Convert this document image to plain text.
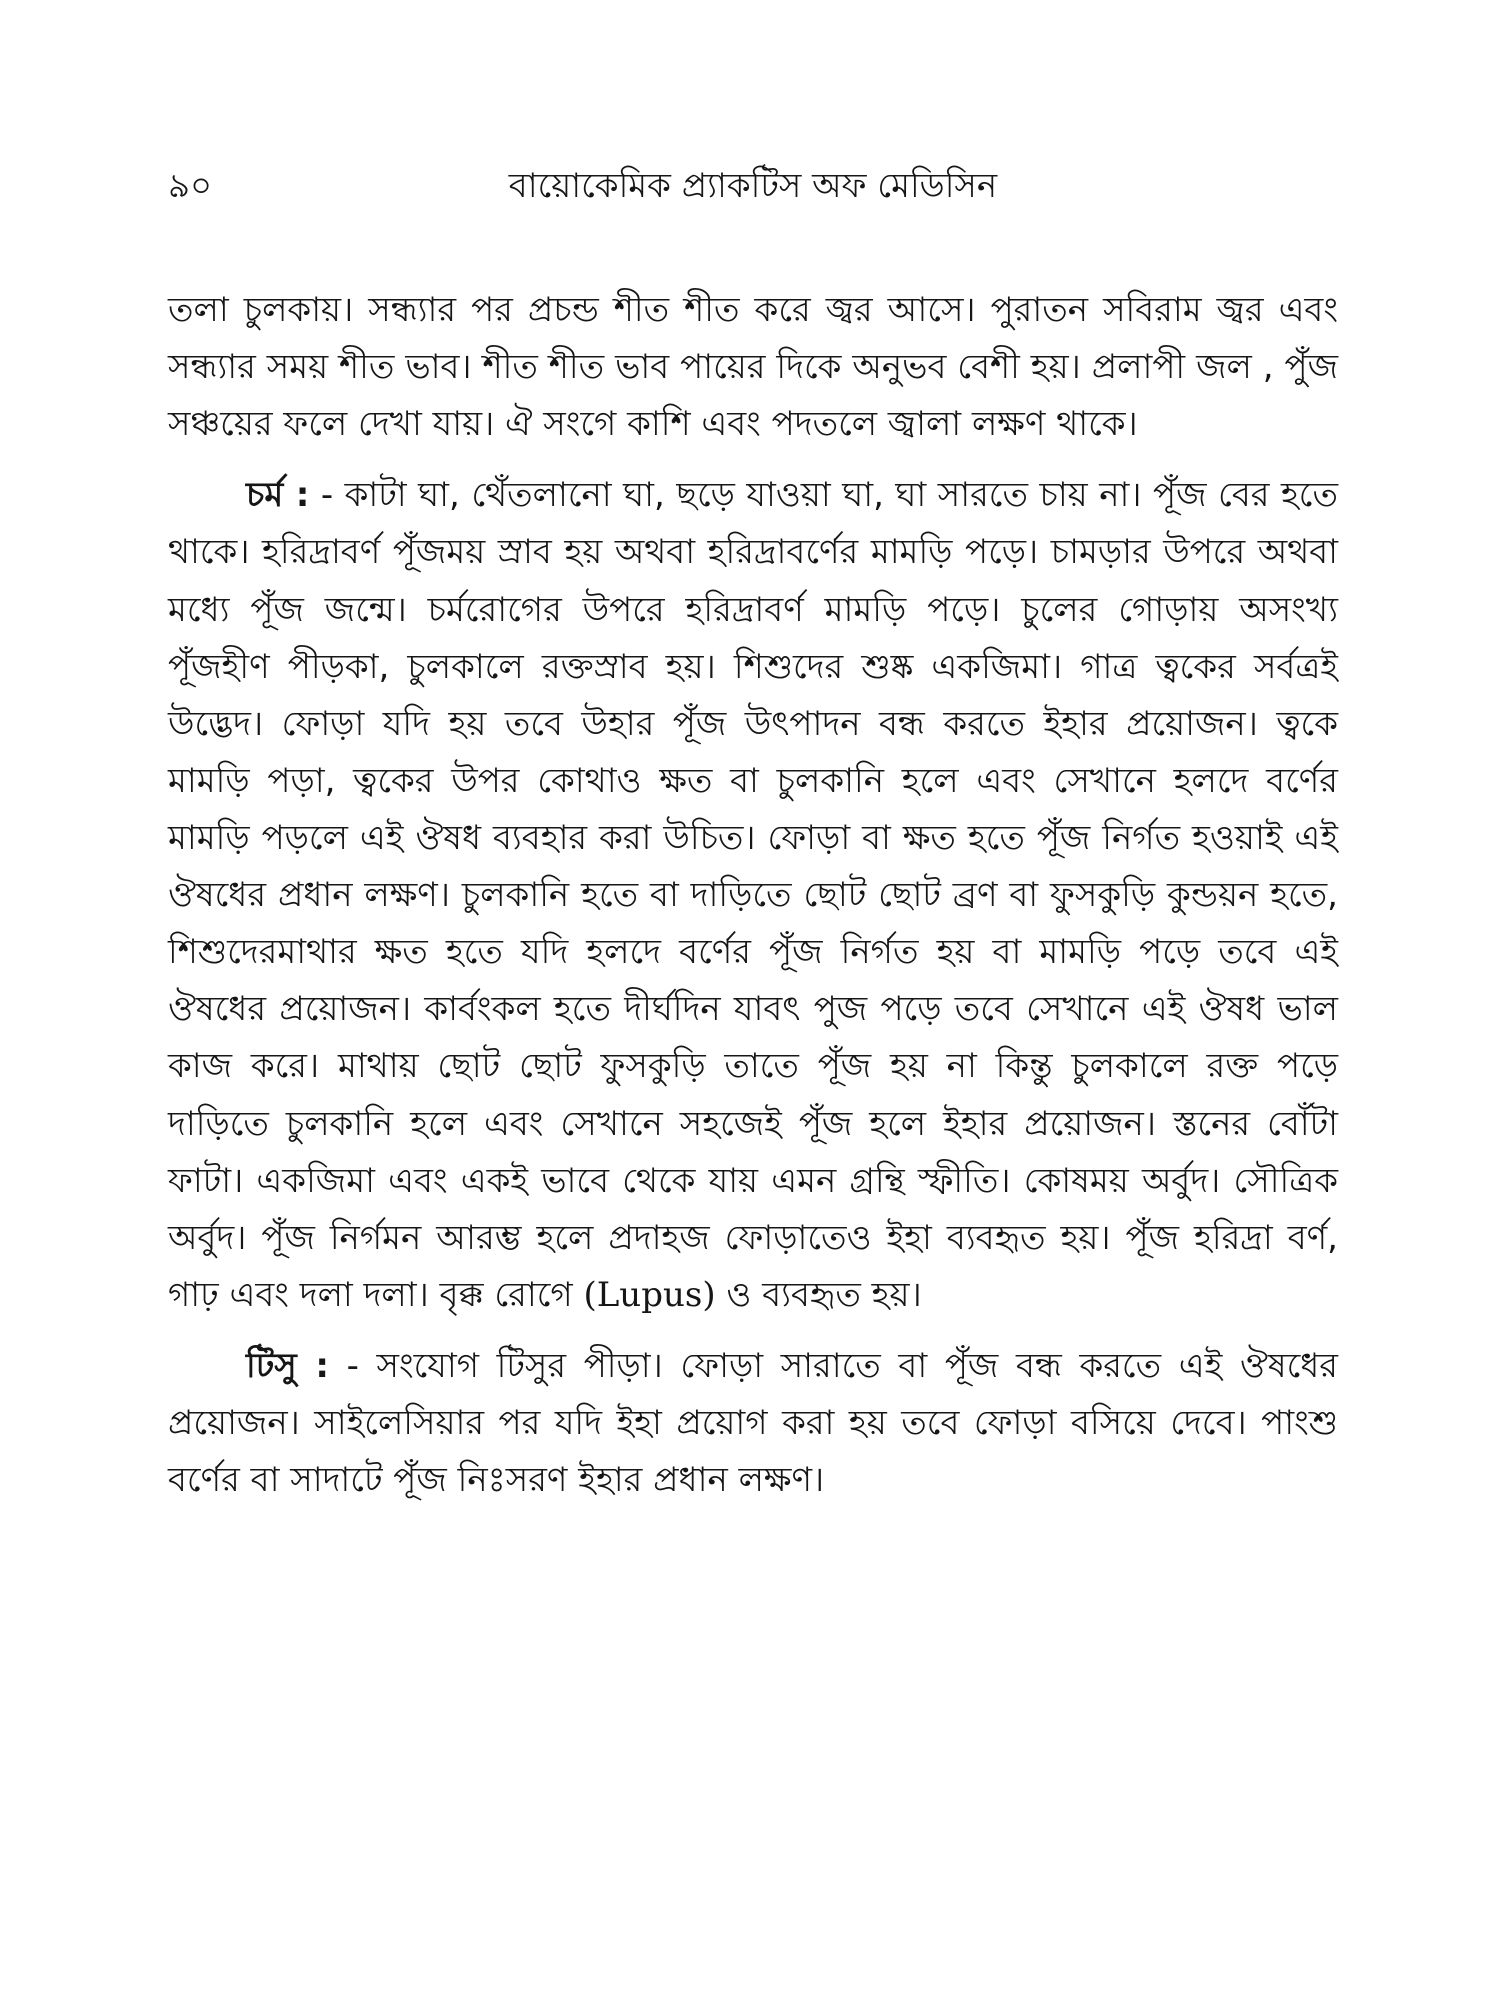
৯০	বায়োকেমিক প্র্যাকটিস অফ মেডিসিন

তলা চুলকায়। সন্ধ্যার পর প্রচন্ড শীত শীত করে জ্বর আসে। পুরাতন সবিরাম জ্বর এবং সন্ধ্যার সময় শীত ভাব। শীত শীত ভাব পায়ের দিকে অনুভব বেশী হয়। প্রলাপী জল , পুঁজ সঞ্চয়ের ফলে দেখা যায়। ঐ সংগে কাশি এবং পদতলে জ্বালা লক্ষণ থাকে।

চর্ম : - কাটা ঘা, থেঁতলানো ঘা, ছড়ে যাওয়া ঘা, ঘা সারতে চায় না। পূঁজ বের হতে থাকে। হরিদ্রাবর্ণ পূঁজময় স্রাব হয় অথবা হরিদ্রাবর্ণের মামড়ি পড়ে। চামড়ার উপরে অথবা মধ্যে পূঁজ জন্মে। চর্মরোগের উপরে হরিদ্রাবর্ণ মামড়ি পড়ে। চুলের গোড়ায় অসংখ্য পূঁজহীণ পীড়কা, চুলকালে রক্তস্রাব হয়। শিশুদের শুষ্ক একজিমা। গাত্র ত্বকের সর্বত্রই উদ্ভেদ। ফোড়া যদি হয় তবে উহার পূঁজ উৎপাদন বন্ধ করতে ইহার প্রয়োজন। ত্বকে মামড়ি পড়া, ত্বকের উপর কোথাও ক্ষত বা চুলকানি হলে এবং সেখানে হলদে বর্ণের মামড়ি পড়লে এই ঔষধ ব্যবহার করা উচিত। ফোড়া বা ক্ষত হতে পূঁজ নির্গত হওয়াই এই ঔষধের প্রধান লক্ষণ। চুলকানি হতে বা দাড়িতে ছোট ছোট ব্রণ বা ফুসকুড়ি কুন্ডয়ন হতে, শিশুদেরমাথার ক্ষত হতে যদি হলদে বর্ণের পূঁজ নির্গত হয় বা মামড়ি পড়ে তবে এই ঔষধের প্রয়োজন। কার্বংকল হতে দীর্ঘদিন যাবৎ পুজ পড়ে তবে সেখানে এই ঔষধ ভাল কাজ করে। মাথায় ছোট ছোট ফুসকুড়ি তাতে পূঁজ হয় না কিন্তু চুলকালে রক্ত পড়ে দাড়িতে চুলকানি হলে এবং সেখানে সহজেই পূঁজ হলে ইহার প্রয়োজন। স্তনের বোঁটা ফাটা। একজিমা এবং একই ভাবে থেকে যায় এমন গ্রন্থি স্ফীতি। কোষময় অর্বুদ। সৌত্রিক অর্বুদ। পূঁজ নির্গমন আরম্ভ হলে প্রদাহজ ফোড়াতেও ইহা ব্যবহৃত হয়। পূঁজ হরিদ্রা বর্ণ, গাঢ় এবং দলা দলা। বৃক্ক রোগে (Lupus) ও ব্যবহৃত হয়।

টিসু : - সংযোগ টিসুর পীড়া। ফোড়া সারাতে বা পূঁজ বন্ধ করতে এই ঔষধের প্রয়োজন। সাইলেসিয়ার পর যদি ইহা প্রয়োগ করা হয় তবে ফোড়া বসিয়ে দেবে। পাংশু বর্ণের বা সাদাটে পূঁজ নিঃসরণ ইহার প্রধান লক্ষণ।
